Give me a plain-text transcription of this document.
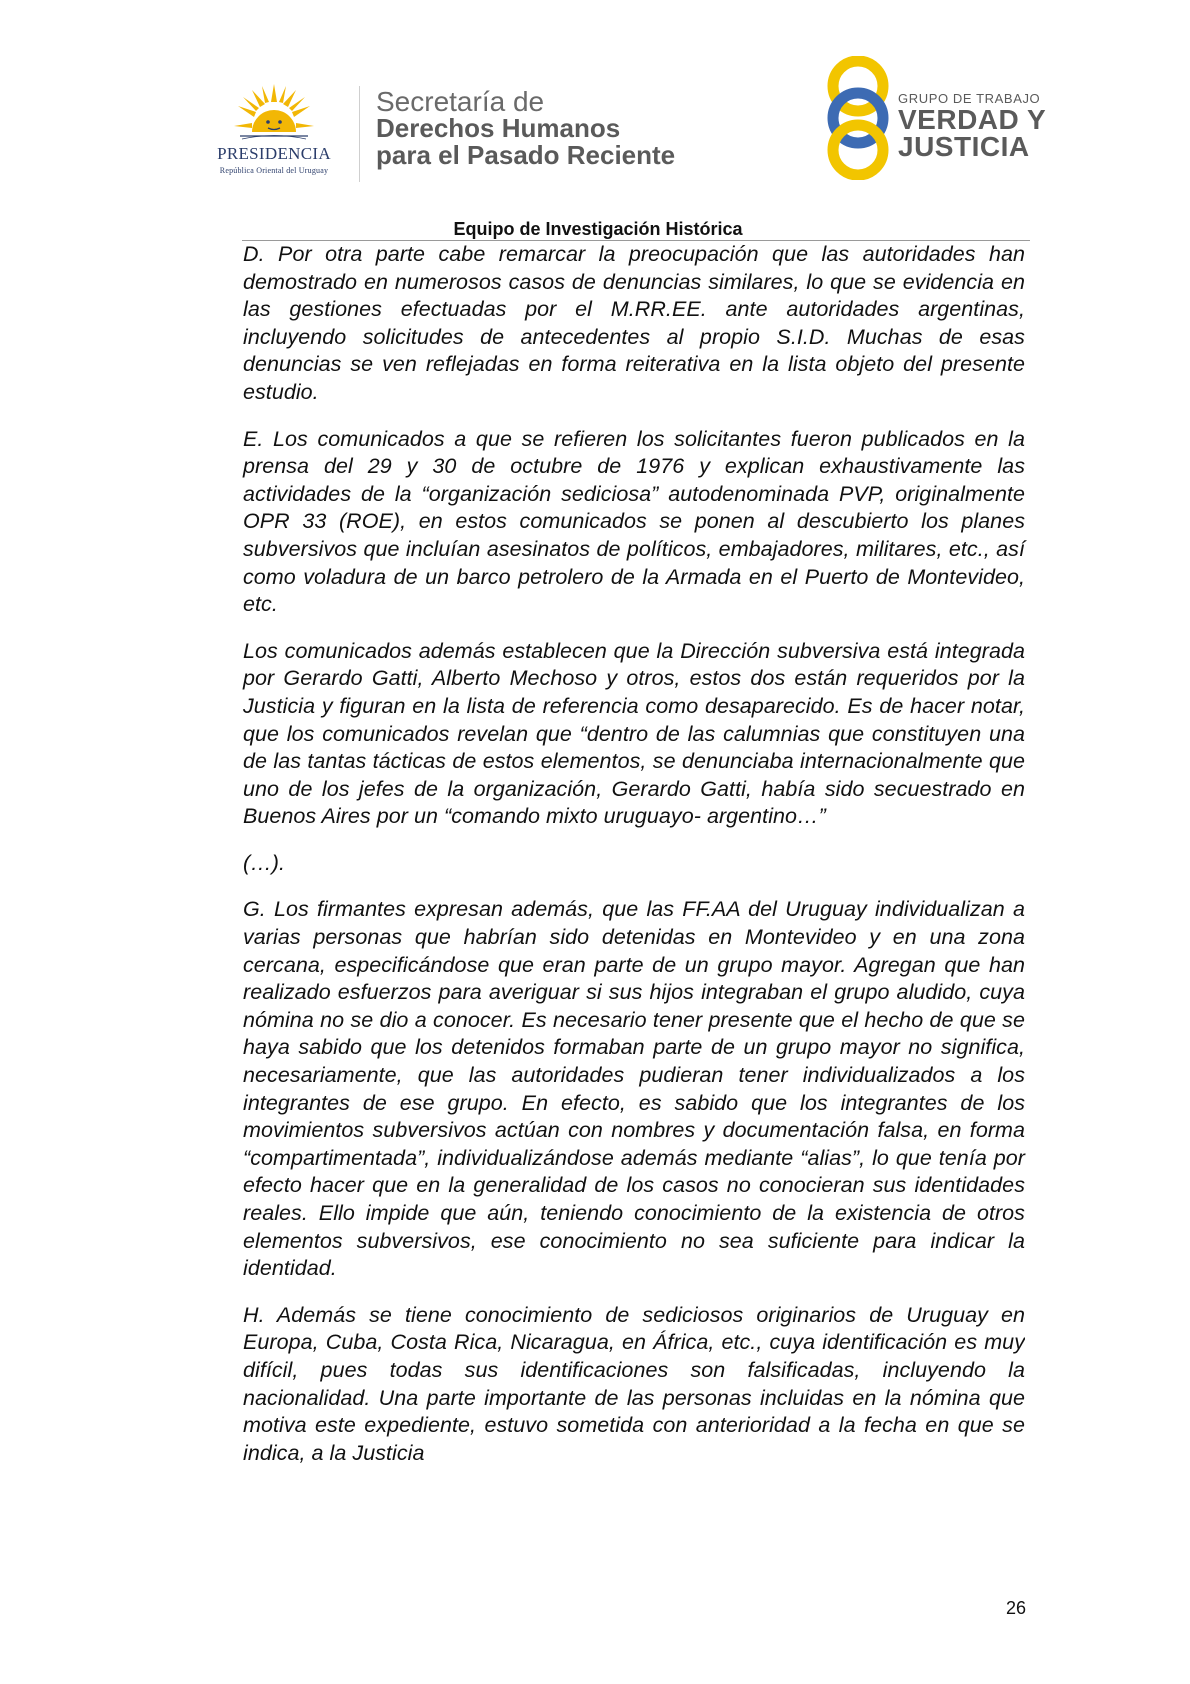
PRESIDENCIA
República Oriental del Uruguay
Secretaría de
Derechos Humanos
para el Pasado Reciente
GRUPO DE TRABAJO
VERDAD Y
JUSTICIA
Equipo de Investigación Histórica

D. Por otra parte cabe remarcar la preocupación que las autoridades han demostrado en numerosos casos de denuncias similares, lo que se evidencia en las gestiones efectuadas por el M.RR.EE. ante autoridades argentinas, incluyendo solicitudes de antecedentes al propio S.I.D. Muchas de esas denuncias se ven reflejadas en forma reiterativa en la lista objeto del presente estudio.

E. Los comunicados a que se refieren los solicitantes fueron publicados en la prensa del 29 y 30 de octubre de 1976 y explican exhaustivamente las actividades de la “organización sediciosa” autodenominada PVP, originalmente OPR 33 (ROE), en estos comunicados se ponen al descubierto los planes subversivos que incluían asesinatos de políticos, embajadores, militares, etc., así como voladura de un barco petrolero de la Armada en el Puerto de Montevideo, etc.

Los comunicados además establecen que la Dirección subversiva está integrada por Gerardo Gatti, Alberto Mechoso y otros, estos dos están requeridos por la Justicia y figuran en la lista de referencia como desaparecido. Es de hacer notar, que los comunicados revelan que “dentro de las calumnias que constituyen una de las tantas tácticas de estos elementos, se denunciaba internacionalmente que uno de los jefes de la organización, Gerardo Gatti, había sido secuestrado en Buenos Aires por un “comando mixto uruguayo- argentino…”

(…).

G. Los firmantes expresan además, que las FF.AA del Uruguay individualizan a varias personas que habrían sido detenidas en Montevideo y en una zona cercana, especificándose que eran parte de un grupo mayor. Agregan que han realizado esfuerzos para averiguar si sus hijos integraban el grupo aludido, cuya nómina no se dio a conocer. Es necesario tener presente que el hecho de que se haya sabido que los detenidos formaban parte de un grupo mayor no significa, necesariamente, que las autoridades pudieran tener individualizados a los integrantes de ese grupo. En efecto, es sabido que los integrantes de los movimientos subversivos actúan con nombres y documentación falsa, en forma “compartimentada”, individualizándose además mediante “alias”, lo que tenía por efecto hacer que en la generalidad de los casos no conocieran sus identidades reales. Ello impide que aún, teniendo conocimiento de la existencia de otros elementos subversivos, ese conocimiento no sea suficiente para indicar la identidad.

H. Además se tiene conocimiento de sediciosos originarios de Uruguay en Europa, Cuba, Costa Rica, Nicaragua, en África, etc., cuya identificación es muy difícil, pues todas sus identificaciones son falsificadas, incluyendo la nacionalidad. Una parte importante de las personas incluidas en la nómina que motiva este expediente, estuvo sometida con anterioridad a la fecha en que se indica, a la Justicia

26
